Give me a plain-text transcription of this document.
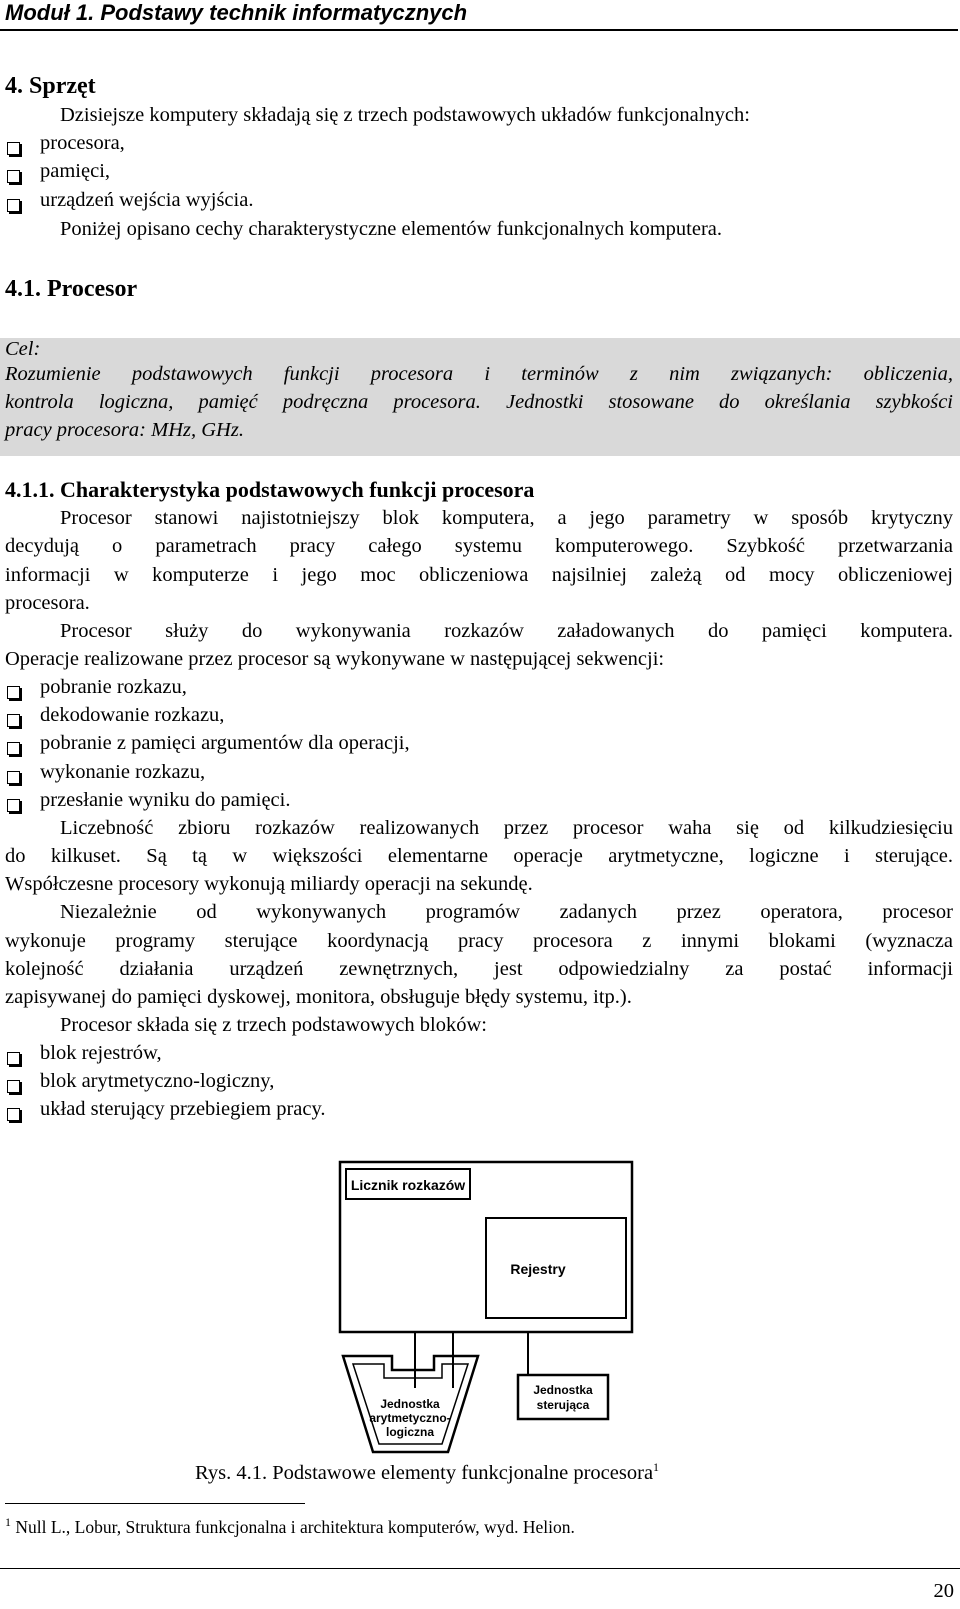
Moduł 1. Podstawy technik informatycznych
4. Sprzęt
Dzisiejsze komputery składają się z trzech podstawowych układów funkcjonalnych:
procesora,
pamięci,
urządzeń wejścia wyjścia.
Poniżej opisano cechy charakterystyczne elementów funkcjonalnych komputera.
4.1. Procesor
Cel:
Rozumienie podstawowych funkcji procesora i terminów z nim związanych: obliczenia,
kontrola logiczna, pamięć podręczna procesora. Jednostki stosowane do określania szybkości
pracy procesora: MHz, GHz.
4.1.1. Charakterystyka podstawowych funkcji procesora
Procesor stanowi najistotniejszy blok komputera, a jego parametry w sposób krytyczny
decydują o parametrach pracy całego systemu komputerowego. Szybkość przetwarzania
informacji w komputerze i jego moc obliczeniowa najsilniej zależą od mocy obliczeniowej
procesora.
Procesor służy do wykonywania rozkazów załadowanych do pamięci komputera.
Operacje realizowane przez procesor są wykonywane w następującej sekwencji:
pobranie rozkazu,
dekodowanie rozkazu,
pobranie z pamięci argumentów dla operacji,
wykonanie rozkazu,
przesłanie wyniku do pamięci.
Liczebność zbioru rozkazów realizowanych przez procesor waha się od kilkudziesięciu
do kilkuset. Są tą w większości elementarne operacje arytmetyczne, logiczne i sterujące.
Współczesne procesory wykonują miliardy operacji na sekundę.
Niezależnie od wykonywanych programów zadanych przez operatora, procesor
wykonuje programy sterujące koordynacją pracy procesora z innymi blokami (wyznacza
kolejność działania urządzeń zewnętrznych, jest odpowiedzialny za postać informacji
zapisywanej do pamięci dyskowej, monitora, obsługuje błędy systemu, itp.).
Procesor składa się z trzech podstawowych bloków:
blok rejestrów,
blok arytmetyczno-logiczny,
układ sterujący przebiegiem pracy.
Licznik rozkazów
Rejestry
Jednostka
arytmetyczno-
logiczna
Jednostka
sterująca
Rys. 4.1. Podstawowe elementy funkcjonalne procesora$^1$
$^1$ Null L., Lobur, Struktura funkcjonalna i architektura komputerów, wyd. Helion.
20
